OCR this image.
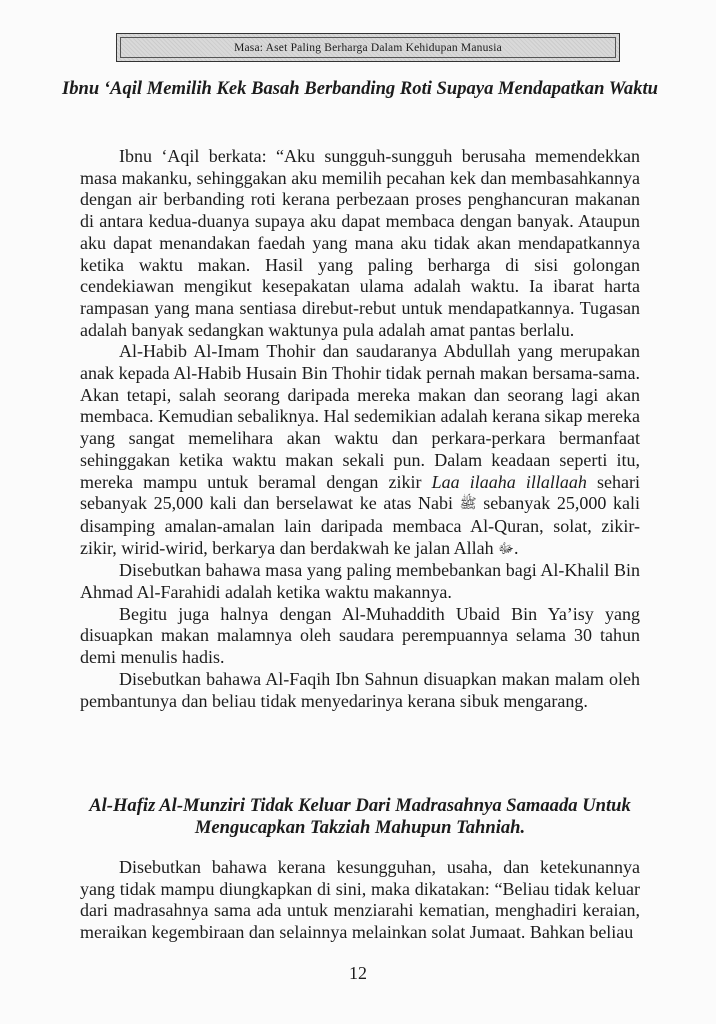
Masa: Aset Paling Berharga Dalam Kehidupan Manusia
Ibnu ‘Aqil Memilih Kek Basah Berbanding Roti Supaya Mendapatkan Waktu

Ibnu ‘Aqil berkata: “Aku sungguh-sungguh berusaha memendekkan masa makanku, sehinggakan aku memilih pecahan kek dan membasahkannya dengan air berbanding roti kerana perbezaan proses penghancuran makanan di antara kedua-duanya supaya aku dapat membaca dengan banyak. Ataupun aku dapat menandakan faedah yang mana aku tidak akan mendapatkannya ketika waktu makan. Hasil yang paling berharga di sisi golongan cendekiawan mengikut kesepakatan ulama adalah waktu. Ia ibarat harta rampasan yang mana sentiasa direbut-rebut untuk mendapatkannya. Tugasan adalah banyak sedangkan waktunya pula adalah amat pantas berlalu.

Al-Habib Al-Imam Thohir dan saudaranya Abdullah yang merupakan anak kepada Al-Habib Husain Bin Thohir tidak pernah makan bersama-sama. Akan tetapi, salah seorang daripada mereka makan dan seorang lagi akan membaca. Kemudian sebaliknya. Hal sedemikian adalah kerana sikap mereka yang sangat memelihara akan waktu dan perkara-perkara bermanfaat sehinggakan ketika waktu makan sekali pun. Dalam keadaan seperti itu, mereka mampu untuk beramal dengan zikir Laa ilaaha illallaah sehari sebanyak 25,000 kali dan berselawat ke atas Nabi ﷺ sebanyak 25,000 kali disamping amalan-amalan lain daripada membaca Al-Quran, solat, zikir-zikir, wirid-wirid, berkarya dan berdakwah ke jalan Allah ﷻ.

Disebutkan bahawa masa yang paling membebankan bagi Al-Khalil Bin Ahmad Al-Farahidi adalah ketika waktu makannya.

Begitu juga halnya dengan Al-Muhaddith Ubaid Bin Ya’isy yang disuapkan makan malamnya oleh saudara perempuannya selama 30 tahun demi menulis hadis.

Disebutkan bahawa Al-Faqih Ibn Sahnun disuapkan makan malam oleh pembantunya dan beliau tidak menyedarinya kerana sibuk mengarang.

Al-Hafiz Al-Munziri Tidak Keluar Dari Madrasahnya Samaada Untuk Mengucapkan Takziah Mahupun Tahniah.

Disebutkan bahawa kerana kesungguhan, usaha, dan ketekunannya yang tidak mampu diungkapkan di sini, maka dikatakan: “Beliau tidak keluar dari madrasahnya sama ada untuk menziarahi kematian, menghadiri keraian, meraikan kegembiraan dan selainnya melainkan solat Jumaat. Bahkan beliau

12
